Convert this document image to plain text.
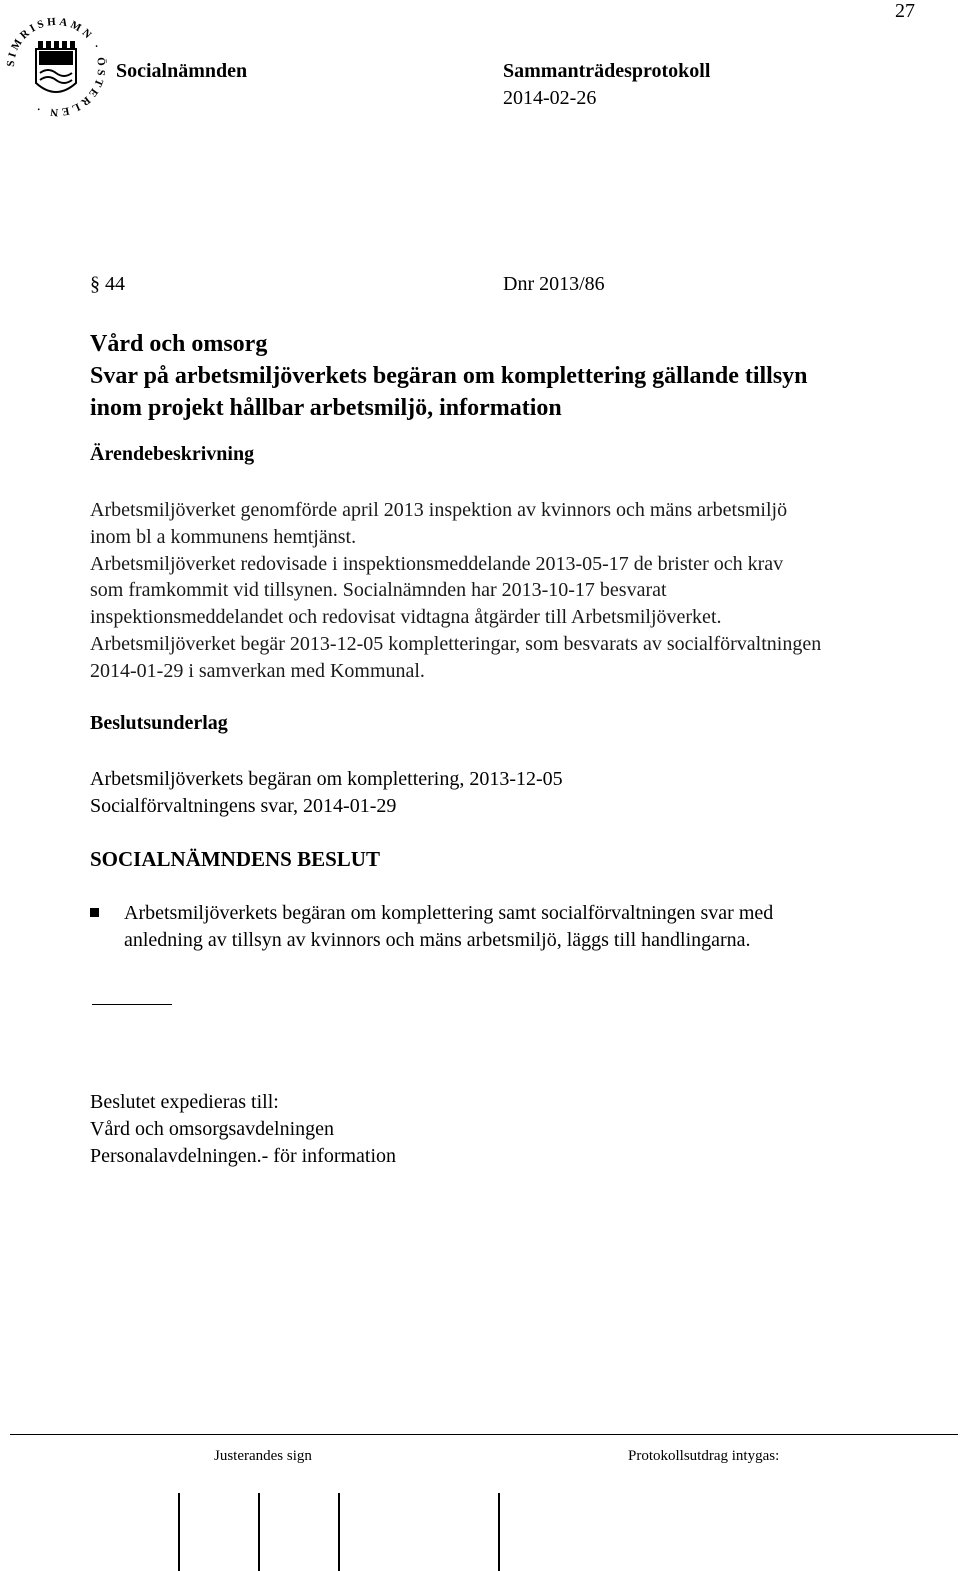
SIMRISHAMN · ÖSTERLEN ·
27
Socialnämnden	Sammanträdesprotokoll
2014-02-26
§ 44	Dnr 2013/86
Vård och omsorg
Svar på arbetsmiljöverkets begäran om komplettering gällande tillsyn
inom projekt hållbar arbetsmiljö, information
Ärendebeskrivning

Arbetsmiljöverket genomförde april 2013 inspektion av kvinnors och mäns arbetsmiljö

inom bl a kommunens hemtjänst.

Arbetsmiljöverket redovisade i inspektionsmeddelande 2013-05-17 de brister och krav

som framkommit vid tillsynen. Socialnämnden har 2013-10-17 besvarat

inspektionsmeddelandet och redovisat vidtagna åtgärder till Arbetsmiljöverket.

Arbetsmiljöverket begär 2013-12-05 kompletteringar, som besvarats av socialförvaltningen

2014-01-29 i samverkan med Kommunal.

Beslutsunderlag

Arbetsmiljöverkets begäran om komplettering, 2013-12-05

Socialförvaltningens svar, 2014-01-29

SOCIALNÄMNDENS BESLUT
Arbetsmiljöverkets begäran om komplettering samt socialförvaltningen svar med
anledning av tillsyn av kvinnors och mäns arbetsmiljö, läggs till handlingarna.

Beslutet expedieras till:

Vård och omsorgsavdelningen

Personalavdelningen.- för information

Justerandes sign	Protokollsutdrag intygas:
